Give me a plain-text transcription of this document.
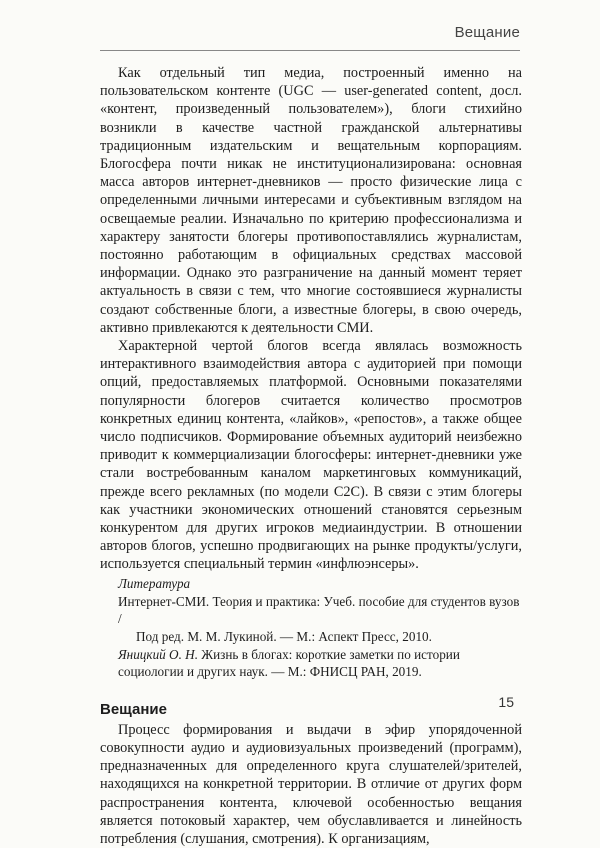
Вещание

Как отдельный тип медиа, построенный именно на пользовательском контенте (UGC — user-generated content, досл. «контент, произведенный пользователем»), блоги стихийно возникли в качестве частной гражданской альтернативы традиционным издательским и вещательным корпорациям. Блогосфера почти никак не институционализирована: основная масса авторов интернет-дневников — просто физические лица с определенными личными интересами и субъективным взглядом на освещаемые реалии. Изначально по критерию профессионализма и характеру занятости блогеры противопоставлялись журналистам, постоянно работающим в официальных средствах массовой информации. Однако это разграничение на данный момент теряет актуальность в связи с тем, что многие состоявшиеся журналисты создают собственные блоги, а известные блогеры, в свою очередь, активно привлекаются к деятельности СМИ.

Характерной чертой блогов всегда являлась возможность интерактивного взаимодействия автора с аудиторией при помощи опций, предоставляемых платформой. Основными показателями популярности блогеров считается количество просмотров конкретных единиц контента, «лайков», «репостов», а также общее число подписчиков. Формирование объемных аудиторий неизбежно приводит к коммерциализации блогосферы: интернет-дневники уже стали востребованным каналом маркетинговых коммуникаций, прежде всего рекламных (по модели C2C). В связи с этим блогеры как участники экономических отношений становятся серьезным конкурентом для других игроков медиаиндустрии. В отношении авторов блогов, успешно продвигающих на рынке продукты/услуги, используется специальный термин «инфлюэнсеры».

Литература
Интернет-СМИ. Теория и практика: Учеб. пособие для студентов вузов /
Под ред. М. М. Лукиной. — М.: Аспект Пресс, 2010.
Яницкий О. Н. Жизнь в блогах: короткие заметки по истории социологии и других наук. — М.: ФНИСЦ РАН, 2019.
Вещание

Процесс формирования и выдачи в эфир упорядоченной совокупности аудио и аудиовизуальных произведений (программ), предназначенных для определенного круга слушателей/зрителей, находящихся на конкретной территории. В отличие от других форм распространения контента, ключевой особенностью вещания является потоковый характер, чем обуславливается и линейность потребления (слушания, смотрения). К организациям,

15
